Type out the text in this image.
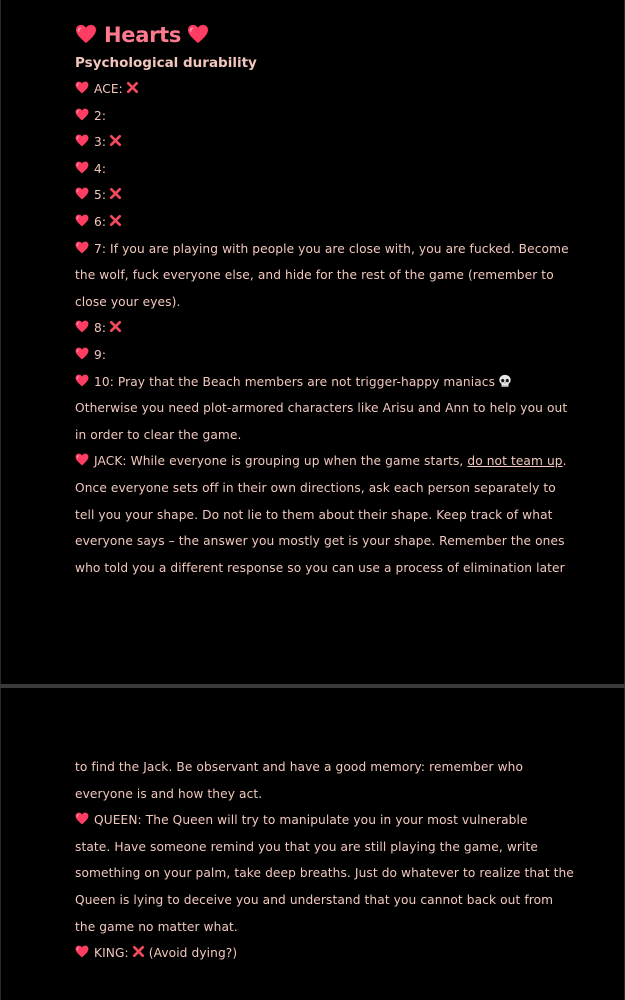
Hearts
Psychological durability
ACE:
2:
3:
4:
5:
6:
7: If you are playing with people you are close with, you are fucked. Become
the wolf, fuck everyone else, and hide for the rest of the game (remember to
close your eyes).
8:
9:
10: Pray that the Beach members are not trigger-happy maniacs
Otherwise you need plot-armored characters like Arisu and Ann to help you out
in order to clear the game.
JACK: While everyone is grouping up when the game starts, do not team up.
Once everyone sets off in their own directions, ask each person separately to
tell you your shape. Do not lie to them about their shape. Keep track of what
everyone says – the answer you mostly get is your shape. Remember the ones
who told you a different response so you can use a process of elimination later
to find the Jack. Be observant and have a good memory: remember who
everyone is and how they act.
QUEEN: The Queen will try to manipulate you in your most vulnerable
state. Have someone remind you that you are still playing the game, write
something on your palm, take deep breaths. Just do whatever to realize that the
Queen is lying to deceive you and understand that you cannot back out from
the game no matter what.
KING: (Avoid dying?)
